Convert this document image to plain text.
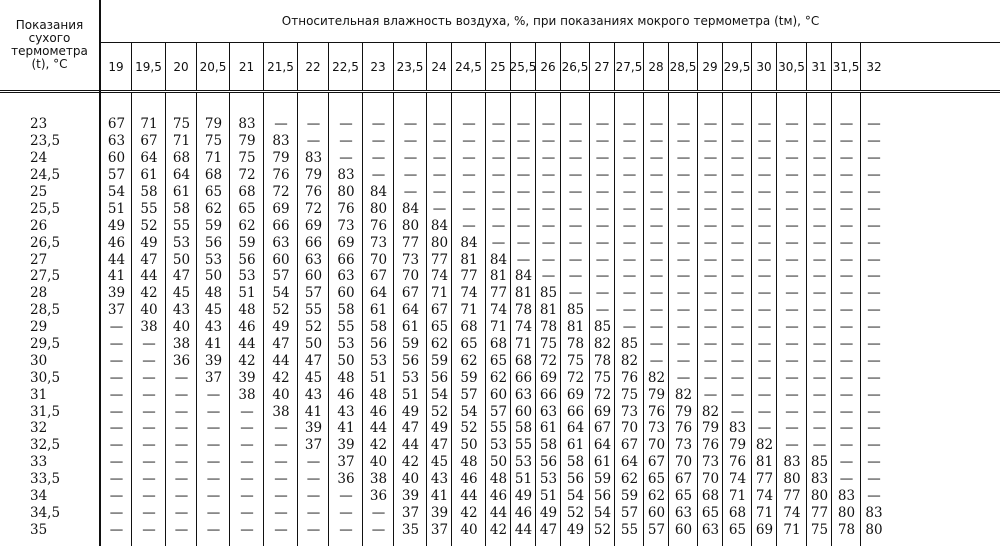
Показания
сухого
термометра
(t), °C
Относительная влажность воздуха, %, при показаниях мокрого термометра (tм), °С
19 19,5 20 20,5	21	21,5 22 22,5 23 23,5 24 24,5 25 25,5 26 26,5 27 27,5 28 28,5 29 29,5 30 30,5 31 31,5 32
23	67	71	75	79	83	—	—	—	—	—	—	—	— — —	—	—	—	—	—	—	—	—	—	—	—	—
23,5	63	67	71	75	79	83	—	—	—	—	—	—	— — —	—	—	—	—	—	—	—	—	—	—	—	—
24	60	64	68	71	75	79	83	—	—	—	—	—	— — —	—	—	—	—	—	—	—	—	—	—	—	—
24,5	57	61	64	68	72	76	79	83	—	—	—	—	— — —	—	—	—	—	—	—	—	—	—	—	—	—
25	54	58	61	65	68	72	76	80	84	—	—	—	— — —	—	—	—	—	—	—	—	—	—	—	—	—
25,5	51	55	58	62	65	69	72	76	80	84	—	—	— — —	—	—	—	—	—	—	—	—	—	—	—	—
26	49	52	55	59	62	66	69	73	76	80 84	—	— — —	—	—	—	—	—	—	—	—	—	—	—	—
26,5	46	49	53	56	59	63	66	69	73	77 80 84	— — —	—	—	—	—	—	—	—	—	—	—	—	—
27	44	47	50	53	56	60	63	66	70	73 77 81 84 — —	—	—	—	—	—	—	—	—	—	—	—	—
27,5	41	44	47	50	53	57	60	63	67	70 74 77 81 84 —	—	—	—	—	—	—	—	—	—	—	—	—
28	39	42	45	48	51	54	57	60	64	67 71 74 77 81 85 —	—	—	—	—	—	—	—	—	—	—	—
28,5	37	40	43	45	48	52	55	58	61	64 67 71 74 78 81 85 —	—	—	—	—	—	—	—	—	—	—
29	—	38	40	43	46	49	52	55	58	61 65 68 71 74 78 81 85 —	—	—	—	—	—	—	—	—	—
29,5	—	—	38	41	44	47	50	53	56	59 62 65 68 71 75 78 82 85 —	—	—	—	—	—	—	—	—
30	—	—	36	39	42	44	47	50	53	56 59 62 65 68 72 75 78 82 —	—	—	—	—	—	—	—	—
30,5	—	—	—	37	39	42	45	48	51	53 56 59 62 66 69 72 75 76 82 —	—	—	—	—	—	—	—
31	—	—	—	—	38	40	43	46	48	51 54 57 60 63 66 69 72 75 79 82 —	—	—	—	—	—	—
31,5	—	—	—	—	—	38	41	43	46	49 52 54 57 60 63 66 69 73 76 79 82 —	—	—	—	—	—
32	—	—	—	—	—	—	39	41	44	47 49 52 55 58 61 64 67 70 73 76 79 83 —	—	—	—	—
32,5	—	—	—	—	—	—	37	39	42	44 47 50 53 55 58 61 64 67 70 73 76 79 82 —	—	—	—
33	—	—	—	—	—	—	—	37	40	42 45 48 50 53 56 58 61 64 67 70 73 76 81 83 85 —	—
33,5	—	—	—	—	—	—	—	36	38	40 43 46 48 51 53 56 59 62 65 67 70 74 77 80 83 —	—
34	—	—	—	—	—	—	—	—	36	39 41 44 46 49 51 54 56 59 62 65 68 71 74 77 80 83 —
34,5	—	—	—	—	—	—	—	—	—	37 39 42 44 46 49 52 54 57 60 63 65 68 71 74 77 80 83
35	—	—	—	—	—	—	—	—	—	35 37 40 42 44 47 49 52 55 57 60 63 65 69 71 75 78 80
